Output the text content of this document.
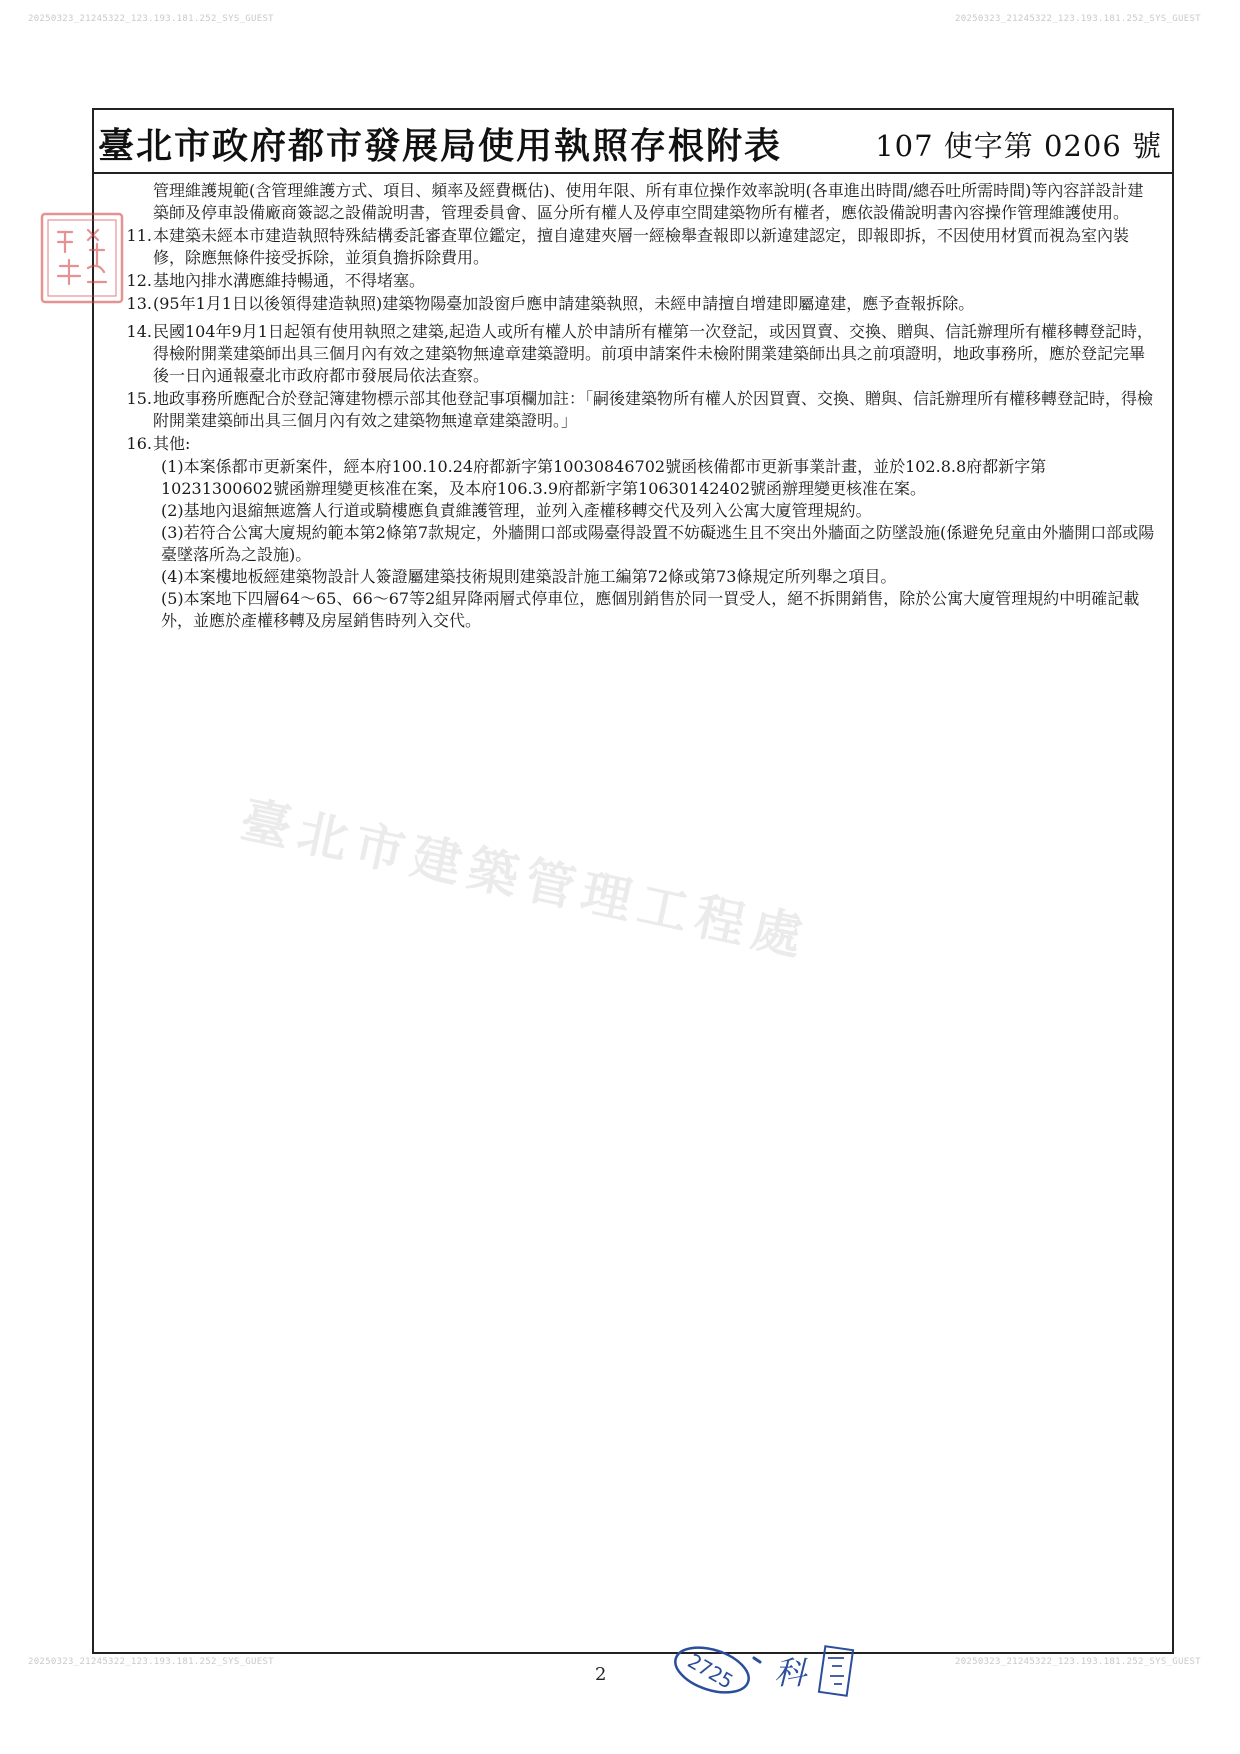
20250323_21245322_123.193.181.252_SYS_GUEST	20250323_21245322_123.193.181.252_SYS_GUEST
20250323_21245322_123.193.181.252_SYS_GUEST	20250323_21245322_123.193.181.252_SYS_GUEST
臺北市政府都市發展局使用執照存根附表	107 使字第 0206 號
管理維護規範(含管理維護方式、項目、頻率及經費概估)、使用年限、所有車位操作效率說明(各車進出時間/總吞吐所需時間)等內容詳設計建築師及停車設備廠商簽認之設備說明書，管理委員會、區分所有權人及停車空間建築物所有權者，應依設備說明書內容操作管理維護使用。
11. 本建築未經本市建造執照特殊結構委託審查單位鑑定，擅自違建夾層一經檢舉查報即以新違建認定，即報即拆，不因使用材質而視為室內裝修，除應無條件接受拆除，並須負擔拆除費用。
12. 基地內排水溝應維持暢通，不得堵塞。
13. (95年1月1日以後領得建造執照)建築物陽臺加設窗戶應申請建築執照，未經申請擅自增建即屬違建，應予查報拆除。
14. 民國104年9月1日起領有使用執照之建築,起造人或所有權人於申請所有權第一次登記，或因買賣、交換、贈與、信託辦理所有權移轉登記時，得檢附開業建築師出具三個月內有效之建築物無違章建築證明。前項申請案件未檢附開業建築師出具之前項證明，地政事務所，應於登記完畢後一日內通報臺北市政府都市發展局依法查察。
15. 地政事務所應配合於登記簿建物標示部其他登記事項欄加註：「嗣後建築物所有權人於因買賣、交換、贈與、信託辦理所有權移轉登記時，得檢附開業建築師出具三個月內有效之建築物無違章建築證明。」
16. 其他:
(1)本案係都市更新案件，經本府100.10.24府都新字第10030846702號函核備都市更新事業計畫，並於102.8.8府都新字第10231300602號函辦理變更核准在案，及本府106.3.9府都新字第10630142402號函辦理變更核准在案。
(2)基地內退縮無遮簷人行道或騎樓應負責維護管理，並列入產權移轉交代及列入公寓大廈管理規約。
(3)若符合公寓大廈規約範本第2條第7款規定，外牆開口部或陽臺得設置不妨礙逃生且不突出外牆面之防墜設施(係避免兒童由外牆開口部或陽臺墜落所為之設施)。
(4)本案樓地板經建築物設計人簽證屬建築技術規則建築設計施工編第72條或第73條規定所列舉之項目。
(5)本案地下四層64～65、66～67等2組昇降兩層式停車位，應個別銷售於同一買受人，絕不拆開銷售，除於公寓大廈管理規約中明確記載外，並應於產權移轉及房屋銷售時列入交代。
臺北市建築管理工程處
2	2725 科
